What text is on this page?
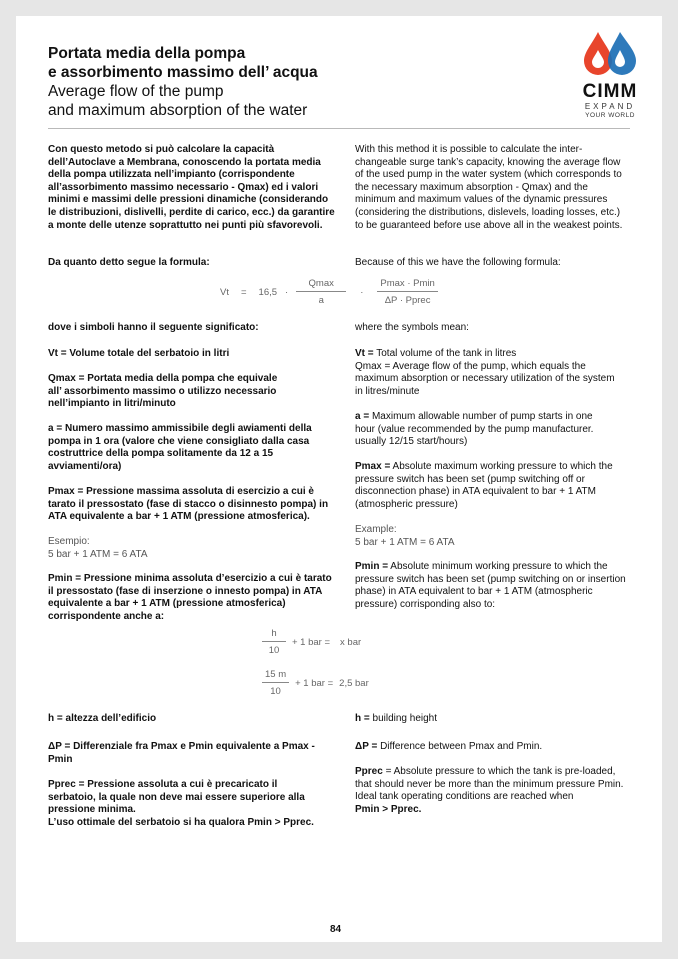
Portata media della pompa
e assorbimento massimo dell’ acqua
Average flow of the pump
and maximum absorption of the water
CIMM
EXPAND
YOUR WORLD
Con questo metodo si può calcolare la capacità dell’Autoclave a Membrana, conoscendo la portata media della pompa utilizzata nell’impianto (corrispondente all’assorbimento massimo necessario - Qmax) ed i valori minimi e massimi delle pressioni dinamiche (considerando le distribuzioni, dislivelli, perdite di carico, ecc.) da garantire a monte delle utenze soprattutto nei punti più sfavorevoli.
Da quanto detto segue la formula:
dove i simboli hanno il seguente significato:
Vt = Volume totale del serbatoio in litri
Qmax = Portata media della pompa che equivale all’ assorbimento massimo o utilizzo necessario nell’impianto in litri/minuto
a = Numero massimo ammissibile degli awiamenti della pompa in 1 ora (valore che viene consigliato dalla casa costruttrice della pompa solitamente da 12 a 15 avviamenti/ora)
Pmax = Pressione massima assoluta di esercizio a cui è tarato il pressostato (fase di stacco o disinnesto pompa) in ATA equivalente a bar + 1 ATM (pressione atmosferica).
Esempio:
5 bar + 1 ATM = 6 ATA
Pmin = Pressione minima assoluta d’esercizio a cui è tarato il pressostato (fase di inserzione o innesto pompa) in ATA equivalente a bar + 1 ATM (pressione atmosferica) corrispondente anche a:
h = altezza dell’edificio
ΔP = Differenziale fra Pmax e Pmin equivalente a Pmax - Pmin
Pprec = Pressione assoluta a cui è precaricato il serbatoio, la quale non deve mai essere superiore alla pressione minima.
L’uso ottimale del serbatoio si ha qualora Pmin > Pprec.
With this method it is possible to calculate the inter-changeable surge tank’s capacity, knowing the average flow of the used pump in the water system (which corresponds to the necessary maximum absorption - Qmax) and the minimum and maximum values of the dynamic pressures (considering the distributions, dislevels, loading losses, etc.) to be guaranteed before use above all in the weakest points.
Because of this we have the following formula:
where the symbols mean:
Vt = Total volume of the tank in litres
Qmax = Average flow of the pump, which equals the maximum absorption or necessary utilization of the system in litres/minute
a = Maximum allowable number of pump starts in one hour (value recommended by the pump manufacturer. usually 12/15 start/hours)
Pmax = Absolute maximum working pressure to which the pressure switch has been set (pump switching off or disconnection phase) in ATA equivalent to bar + 1 ATM (atmospheric pressure)
Example:
5 bar + 1 ATM = 6 ATA
Pmin = Absolute minimum working pressure to which the pressure switch has been set (pump switching on or insertion phase) in ATA equivalent to bar + 1 ATM (atmospheric pressure) corrisponding also to:
h = building height
ΔP = Difference between Pmax and Pmin.
Pprec = Absolute pressure to which the tank is pre-loaded, that should never be more than the minimum pressure Pmin.
Ideal tank operating conditions are reached when
Pmin > Pprec.
$Vt = 16,5 \cdot \frac{Qmax}{a} \cdot \frac{Pmax \cdot Pmin}{\text{ΔP · Pprec}}$
$\frac{h}{10} + 1$ bar = x bar
$\frac{15 m}{10} + 1$ bar = 2,5 bar
84
